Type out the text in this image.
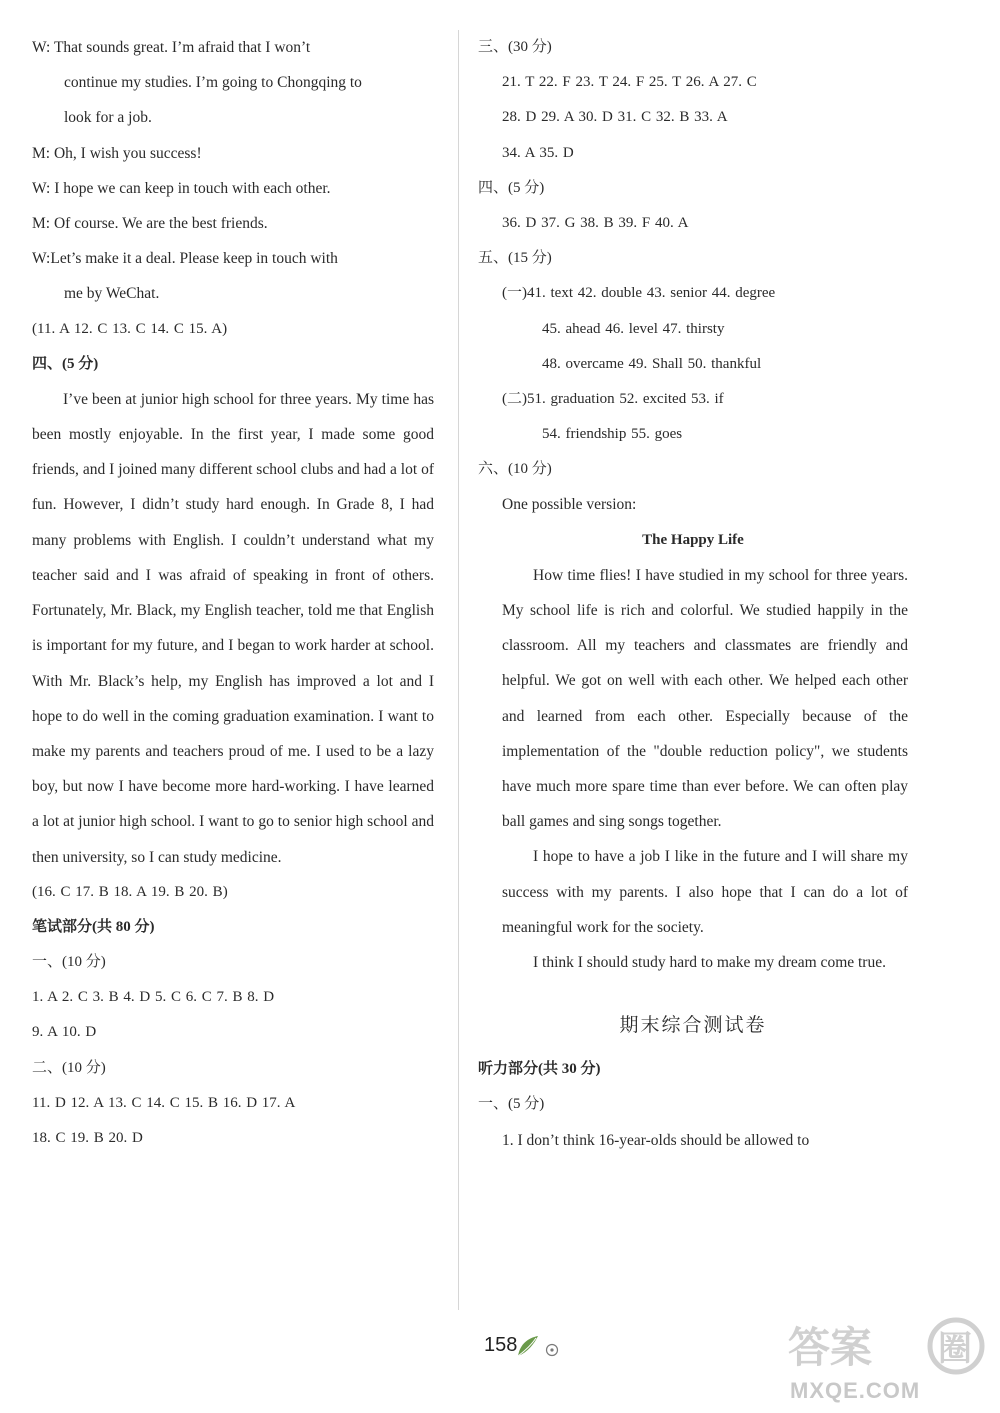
W: That sounds great. I’m afraid that I won’t
continue my studies. I’m going to Chongqing to
look for a job.
M: Oh, I wish you success!
W: I hope we can keep in touch with each other.
M: Of course. We are the best friends.
W:Let’s make it a deal. Please keep in touch with
me by WeChat.
(11. A 12. C 13. C 14. C 15. A)
四、(5 分)

I’ve been at junior high school for three years. My time has been mostly enjoyable. In the first year, I made some good friends, and I joined many different school clubs and had a lot of fun. However, I didn’t study hard enough. In Grade 8, I had many problems with English. I couldn’t understand what my teacher said and I was afraid of speaking in front of others. Fortunately, Mr. Black, my English teacher, told me that English is important for my future, and I began to work harder at school. With Mr. Black’s help, my English has improved a lot and I hope to do well in the coming graduation examination. I want to make my parents and teachers proud of me. I used to be a lazy boy, but now I have become more hard-working. I have learned a lot at junior high school. I want to go to senior high school and then university, so I can study medicine.

(16. C 17. B 18. A 19. B 20. B)
笔试部分(共 80 分)
一、(10 分)
1. A 2. C 3. B 4. D 5. C 6. C 7. B 8. D
9. A 10. D
二、(10 分)
11. D 12. A 13. C 14. C 15. B 16. D 17. A
18. C 19. B 20. D
三、(30 分)
21. T 22. F 23. T 24. F 25. T 26. A 27. C
28. D 29. A 30. D 31. C 32. B 33. A
34. A 35. D
四、(5 分)
36. D 37. G 38. B 39. F 40. A
五、(15 分)
(一)41. text 42. double 43. senior 44. degree
45. ahead 46. level 47. thirsty
48. overcame 49. Shall 50. thankful
(二)51. graduation 52. excited 53. if
54. friendship 55. goes
六、(10 分)
One possible version:
The Happy Life

How time flies! I have studied in my school for three years. My school life is rich and colorful. We studied happily in the classroom. All my teachers and classmates are friendly and helpful. We got on well with each other. We helped each other and learned from each other. Especially because of the implementation of the "double reduction policy", we students have much more spare time than ever before. We can often play ball games and sing songs together.

I hope to have a job I like in the future and I will share my success with my parents. I also hope that I can do a lot of meaningful work for the society.

I think I should study hard to make my dream come true.

期末综合测试卷
听力部分(共 30 分)
一、(5 分)
1. I don’t think 16-year-olds should be allowed to
158	答案 圈
MXQE.COM
